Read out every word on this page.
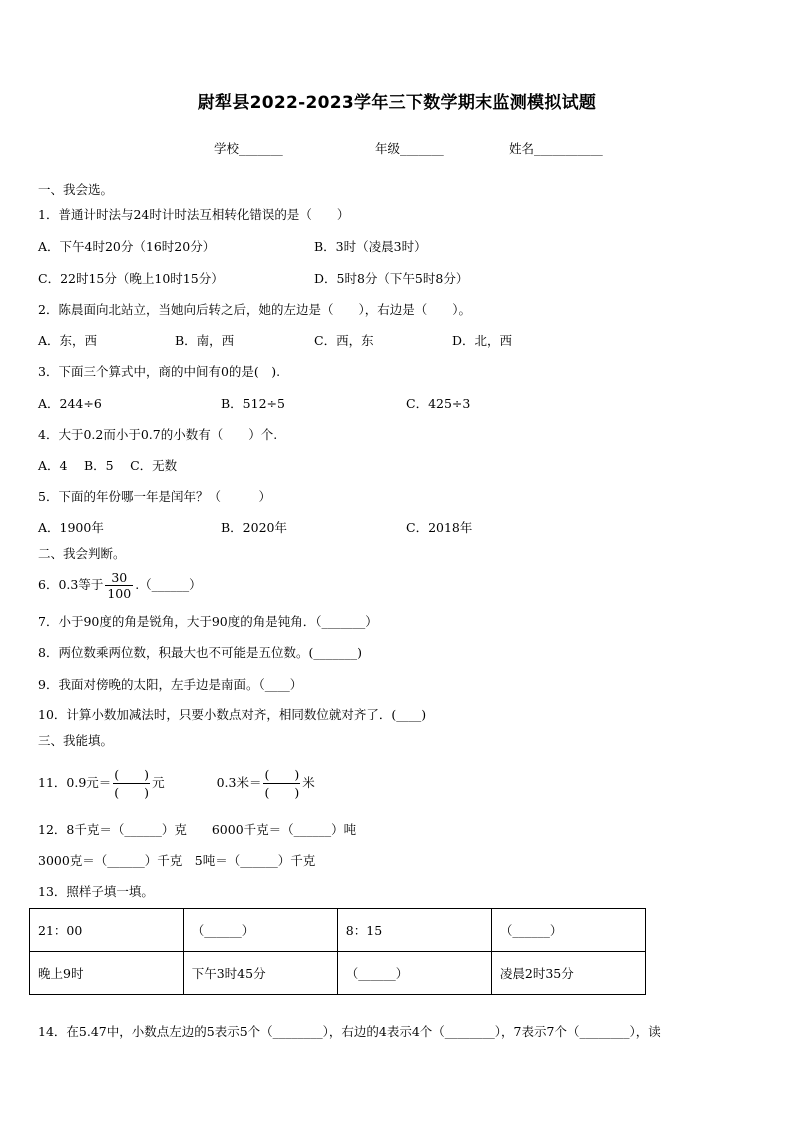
尉犁县2022-2023学年三下数学期末监测模拟试题
学校_______	年级_______	姓名___________
一、我会选。
1．普通计时法与24时计时法互相转化错误的是（　　）
A．下午4时20分（16时20分）	B．3时（凌晨3时）
C．22时15分（晚上10时15分）	D．5时8分（下午5时8分）
2．陈晨面向北站立，当她向后转之后，她的左边是（　　），右边是（　　）。
A．东，西	B．南，西	C．西，东	D．北，西
3．下面三个算式中，商的中间有0的是(　).
A．244÷6	B．512÷5	C．425÷3
4．大于0.2而小于0.7的小数有（　　）个.
A．4　 B．5　 C．无数
5．下面的年份哪一年是闰年？（　　　）
A．1900年	B．2020年	C．2018年
二、我会判断。
6．0.3等于 $\frac{30}{100}$ .（______）
7．小于90度的角是锐角，大于90度的角是钝角．（_______）
8．两位数乘两位数，积最大也不可能是五位数。(_______)
9．我面对傍晚的太阳，左手边是南面。（____）
10．计算小数加减法时，只要小数点对齐，相同数位就对齐了．(____)
三、我能填。
11．0.9元＝
(　　)
(　　)
元	0.3米＝
(　　)
(　　)
米
12．8千克＝（______）克　　6000千克＝（______）吨
3000克＝（______）千克　5吨＝（______）千克
13．照样子填一填。
21：00	（______）	8：15	（______）
晚上9时	下午3时45分	（______）	凌晨2时35分
14．在5.47中，小数点左边的5表示5个（________），右边的4表示4个（________），7表示7个（________），读
